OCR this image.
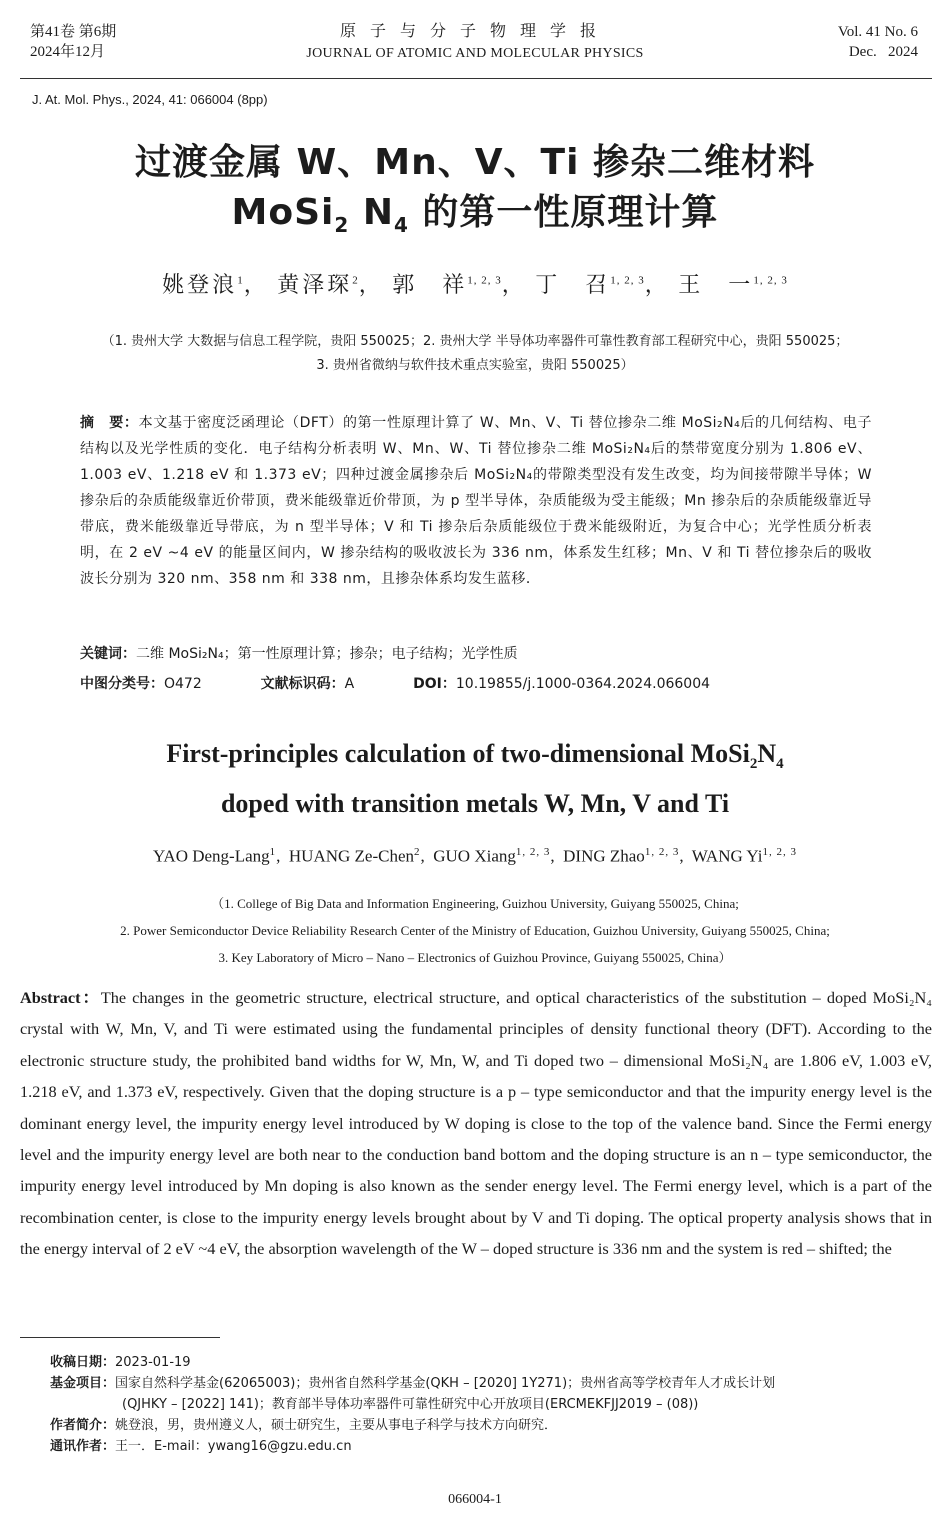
第41卷 第6期
2024年12月
原子与分子物理学报
JOURNAL OF ATOMIC AND MOLECULAR PHYSICS
Vol. 41 No. 6
Dec.   2024
J. At. Mol. Phys., 2024, 41: 066004 (8pp)
过渡金属 W、Mn、V、Ti 掺杂二维材料
MoSi$_2$ $N_4$ 的第一性原理计算
姚登浪$^1$， 黄泽琛$^2$， 郭　祥$^{1, 2, 3}$， 丁　召$^{1, 2, 3}$， 王　一$^{1, 2, 3}$
（1. 贵州大学 大数据与信息工程学院，贵阳 550025；2. 贵州大学 半导体功率器件可靠性教育部工程研究中心，贵阳 550025；
3. 贵州省微纳与软件技术重点实验室，贵阳 550025）
摘　要：本文基于密度泛函理论（DFT）的第一性原理计算了 W、Mn、V、Ti 替位掺杂二维 MoSi₂N₄后的几何结构、电子结构以及光学性质的变化．电子结构分析表明 W、Mn、W、Ti 替位掺杂二维 MoSi₂N₄后的禁带宽度分别为 1.806 eV、1.003 eV、1.218 eV 和 1.373 eV；四种过渡金属掺杂后 MoSi₂N₄的带隙类型没有发生改变，均为间接带隙半导体；W 掺杂后的杂质能级靠近价带顶，费米能级靠近价带顶，为 p 型半导体，杂质能级为受主能级；Mn 掺杂后的杂质能级靠近导带底，费米能级靠近导带底，为 n 型半导体；V 和 Ti 掺杂后杂质能级位于费米能级附近，为复合中心；光学性质分析表明，在 2 eV ~4 eV 的能量区间内，W 掺杂结构的吸收波长为 336 nm，体系发生红移；Mn、V 和 Ti 替位掺杂后的吸收波长分别为 320 nm、358 nm 和 338 nm，且掺杂体系均发生蓝移．
关键词：二维 MoSi₂N₄；第一性原理计算；掺杂；电子结构；光学性质
中图分类号：O472	文献标识码：A	DOI：10.19855/j.1000-0364.2024.066004
First-principles calculation of two-dimensional $MoSi_2N_4$
doped with transition metals W, Mn, V and Ti
YAO Deng-Lang$^1$,  HUANG Ze-Chen$^2$,  GUO Xiang$^{1, 2, 3}$,  DING Zhao$^{1, 2, 3}$,  WANG Yi$^{1, 2, 3}$
（1. College of Big Data and Information Engineering, Guizhou University, Guiyang 550025, China;
2. Power Semiconductor Device Reliability Research Center of the Ministry of Education, Guizhou University, Guiyang 550025, China;
3. Key Laboratory of Micro – Nano – Electronics of Guizhou Province, Guiyang 550025, China）
Abstract：The changes in the geometric structure, electrical structure, and optical characteristics of the substitution – doped MoSi₂N₄ crystal with W, Mn, V, and Ti were estimated using the fundamental principles of density functional theory (DFT). According to the electronic structure study, the prohibited band widths for W, Mn, W, and Ti doped two – dimensional MoSi₂N₄ are 1.806 eV, 1.003 eV, 1.218 eV, and 1.373 eV, respectively. Given that the doping structure is a p – type semiconductor and that the impurity energy level is the dominant energy level, the impurity energy level introduced by W doping is close to the top of the valence band. Since the Fermi energy level and the impurity energy level are both near to the conduction band bottom and the doping structure is an n – type semiconductor, the impurity energy level introduced by Mn doping is also known as the sender energy level. The Fermi energy level, which is a part of the recombination center, is close to the impurity energy levels brought about by V and Ti doping. The optical property analysis shows that in the energy interval of 2 eV ~4 eV, the absorption wavelength of the W – doped structure is 336 nm and the system is red – shifted; the
收稿日期：2023-01-19
基金项目：国家自然科学基金(62065003)；贵州省自然科学基金(QKH – [2020] 1Y271)；贵州省高等学校青年人才成长计划
(QJHKY – [2022] 141)；教育部半导体功率器件可靠性研究中心开放项目(ERCMEKFJJ2019 – (08))
作者简介：姚登浪，男，贵州遵义人，硕士研究生，主要从事电子科学与技术方向研究．
通讯作者：王一．E-mail：ywang16@gzu.edu.cn
066004-1
